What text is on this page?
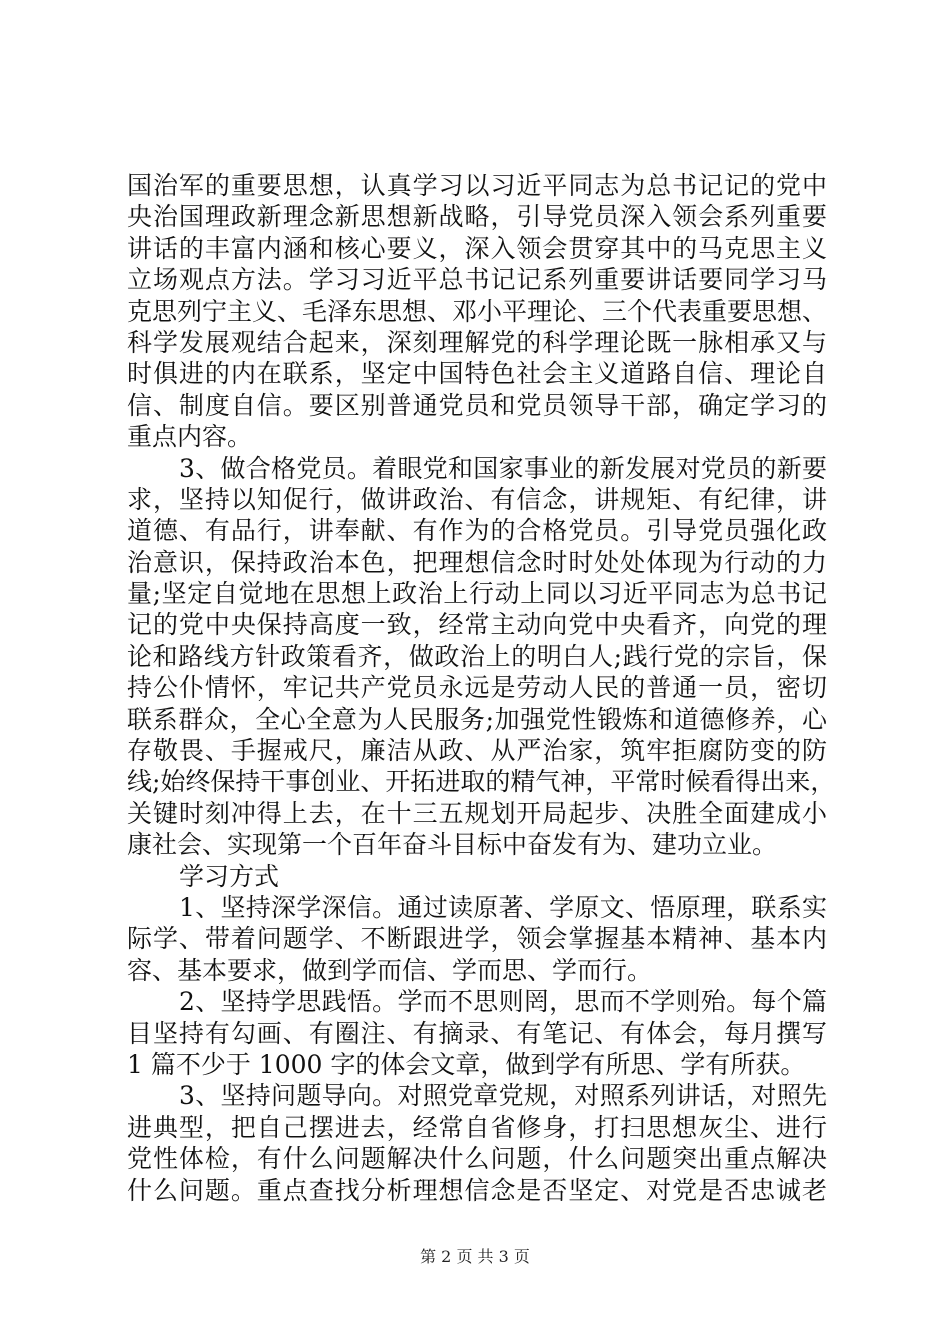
国治军的重要思想，认真学习以习近平同志为总书记记的党中
央治国理政新理念新思想新战略，引导党员深入领会系列重要
讲话的丰富内涵和核心要义，深入领会贯穿其中的马克思主义
立场观点方法。学习习近平总书记记系列重要讲话要同学习马
克思列宁主义、毛泽东思想、邓小平理论、三个代表重要思想、
科学发展观结合起来，深刻理解党的科学理论既一脉相承又与
时俱进的内在联系，坚定中国特色社会主义道路自信、理论自
信、制度自信。要区别普通党员和党员领导干部，确定学习的
重点内容。
3、做合格党员。着眼党和国家事业的新发展对党员的新要
求，坚持以知促行，做讲政治、有信念，讲规矩、有纪律，讲
道德、有品行，讲奉献、有作为的合格党员。引导党员强化政
治意识，保持政治本色，把理想信念时时处处体现为行动的力
量;坚定自觉地在思想上政治上行动上同以习近平同志为总书记
记的党中央保持高度一致，经常主动向党中央看齐，向党的理
论和路线方针政策看齐，做政治上的明白人;践行党的宗旨，保
持公仆情怀，牢记共产党员永远是劳动人民的普通一员，密切
联系群众，全心全意为人民服务;加强党性锻炼和道德修养，心
存敬畏、手握戒尺，廉洁从政、从严治家，筑牢拒腐防变的防
线;始终保持干事创业、开拓进取的精气神，平常时候看得出来，
关键时刻冲得上去，在十三五规划开局起步、决胜全面建成小
康社会、实现第一个百年奋斗目标中奋发有为、建功立业。
学习方式
1、坚持深学深信。通过读原著、学原文、悟原理，联系实
际学、带着问题学、不断跟进学，领会掌握基本精神、基本内
容、基本要求，做到学而信、学而思、学而行。
2、坚持学思践悟。学而不思则罔，思而不学则殆。每个篇
目坚持有勾画、有圈注、有摘录、有笔记、有体会，每月撰写
1 篇不少于 1000 字的体会文章，做到学有所思、学有所获。
3、坚持问题导向。对照党章党规，对照系列讲话，对照先
进典型，把自己摆进去，经常自省修身，打扫思想灰尘、进行
党性体检，有什么问题解决什么问题，什么问题突出重点解决
什么问题。重点查找分析理想信念是否坚定、对党是否忠诚老
第 2 页 共 3 页
